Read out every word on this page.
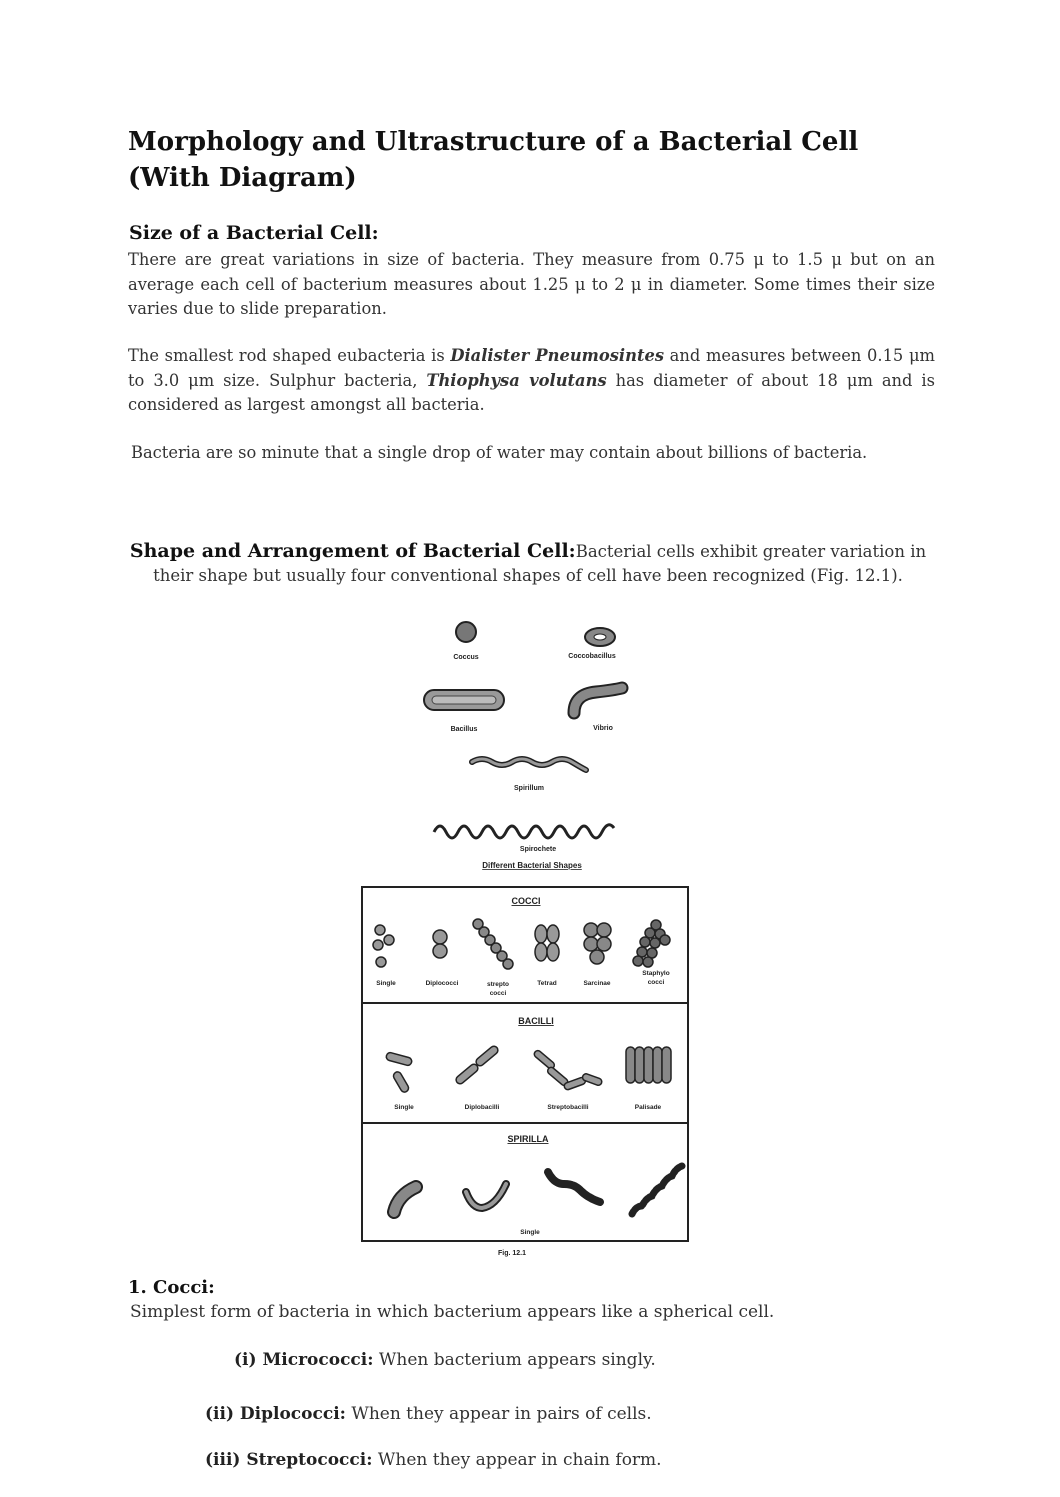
Morphology and Ultrastructure of a Bacterial Cell (With Diagram)
Size of a Bacterial Cell:

There are great variations in size of bacteria. They measure from 0.75 μ to 1.5 μ but on an average each cell of bacterium measures about 1.25 μ to 2 μ in diameter. Some times their size varies due to slide preparation.

The smallest rod shaped eubacteria is Dialister Pneumosintes and measures between 0.15 μm to 3.0 μm size. Sulphur bacteria, Thiophysa volutans has diameter of about 18 μm and is considered as largest amongst all bacteria.

Bacteria are so minute that a single drop of water may contain about billions of bacteria.

Shape and Arrangement of Bacterial Cell:Bacterial cells exhibit greater variation in their shape but usually four conventional shapes of cell have been recognized (Fig. 12.1).

Coccus	Coccobacillus
Bacillus	Vibrio
Spirillum
Spirochete
Different Bacterial Shapes
COCCI
Single	Diplococci	strepto
cocci
Tetrad	Sarcinae
Staphylo
cocci
BACILLI
Single	Diplobacilli	Streptobacilli	Palisade
SPIRILLA
Single
Fig. 12.1
1. Cocci:

Simplest form of bacteria in which bacterium appears like a spherical cell.

(i) Micrococci: When bacterium appears singly.

(ii) Diplococci: When they appear in pairs of cells.

(iii) Streptococci: When they appear in chain form.
